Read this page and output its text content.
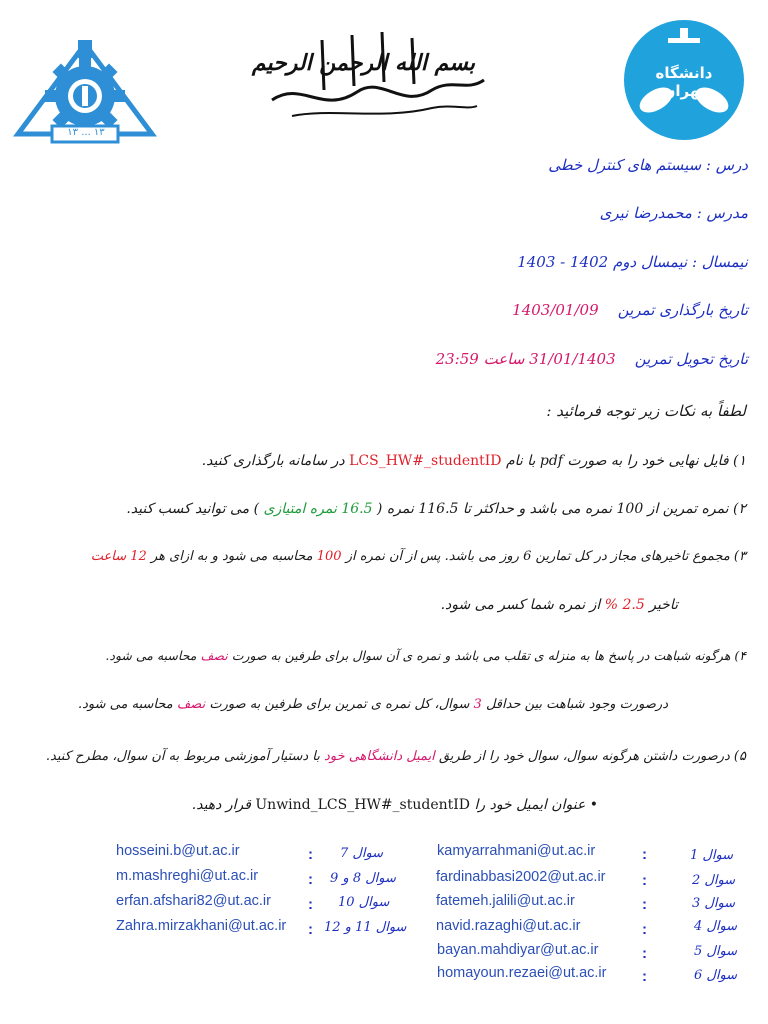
۱۳ ... ۱۳
بسم الله الرحمن الرحیم	دانشگاه تهران
درس : سیستم های کنترل خطی
مدرس : محمدرضا نیری
نیمسال : نیمسال دوم 1402 - 1403
تاریخ بارگذاری تمرین    1403/01/09
تاریخ تحویل تمرین    31/01/1403 ساعت 23:59
لطفاً به نکات زیر توجه فرمائید :
۱) فایل نهایی خود را به صورت pdf با نام LCS_HW#_studentID در سامانه بارگذاری کنید.
۲) نمره تمرین از 100 نمره می باشد و حداکثر تا 116.5 نمره ( 16.5 نمره امتیازی ) می توانید کسب کنید.
۳) مجموع تاخیرهای مجاز در کل تمارین 6 روز می باشد. پس از آن نمره از 100 محاسبه می شود و به ازای هر 12 ساعت
تاخیر 2.5 % از نمره شما کسر می شود.
۴) هرگونه شباهت در پاسخ ها به منزله ی تقلب می باشد و نمره ی آن سوال برای طرفین به صورت نصف محاسبه می شود.
درصورت وجود شباهت بین حداقل 3 سوال، کل نمره ی تمرین برای طرفین به صورت نصف محاسبه می شود.
۵) درصورت داشتن هرگونه سوال، سوال خود را از طریق ایمیل دانشگاهی خود با دستیار آموزشی مربوط به آن سوال، مطرح کنید.
• عنوان ایمیل خود را Unwind_LCS_HW#_studentID قرار دهید.
kamyarrahmani@ut.ac.ir	:	سوال 1
fardinabbasi2002@ut.ac.ir :	سوال 2
fatemeh.jalili@ut.ac.ir	:	سوال 3
navid.razaghi@ut.ac.ir	:	سوال 4
bayan.mahdiyar@ut.ac.ir	:	سوال 5
homayoun.rezaei@ut.ac.ir :	سوال 6
hosseini.b@ut.ac.ir	: سوال 7
m.mashreghi@ut.ac.ir	: سوال 8 و 9
erfan.afshari82@ut.ac.ir : سوال 10
Zahra.mirzakhani@ut.ac.ir : سوال 11 و 12
